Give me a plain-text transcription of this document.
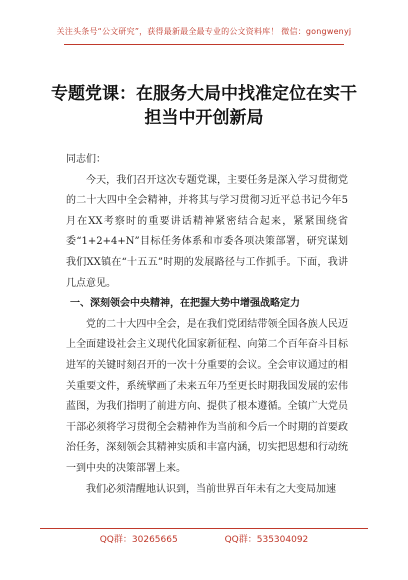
关注头条号“公文研究”，获得最新最全最专业的公文资料库！ 微信：gongwenyj
专题党课：在服务大局中找准定位在实干
担当中开创新局

同志们：

今天，我们召开这次专题党课，主要任务是深入学习贯彻党的二十大四中全会精神，并将其与学习贯彻习近平总书记今年5月在XX考察时的重要讲话精神紧密结合起来，紧紧围绕省委“1+2+4+N”目标任务体系和市委各项决策部署，研究谋划我们XX镇在“十五五”时期的发展路径与工作抓手。下面，我讲几点意见。

一、深刻领会中央精神，在把握大势中增强战略定力

党的二十大四中全会，是在我们党团结带领全国各族人民迈上全面建设社会主义现代化国家新征程、向第二个百年奋斗目标进军的关键时刻召开的一次十分重要的会议。全会审议通过的相关重要文件，系统擘画了未来五年乃至更长时期我国发展的宏伟蓝图，为我们指明了前进方向、提供了根本遵循。全镇广大党员干部必须将学习贯彻全会精神作为当前和今后一个时期的首要政治任务，深刻领会其精神实质和丰富内涵，切实把思想和行动统一到中央的决策部署上来。

我们必须清醒地认识到，当前世界百年未有之大变局加速

QQ群：30265665	QQ群：535304092
